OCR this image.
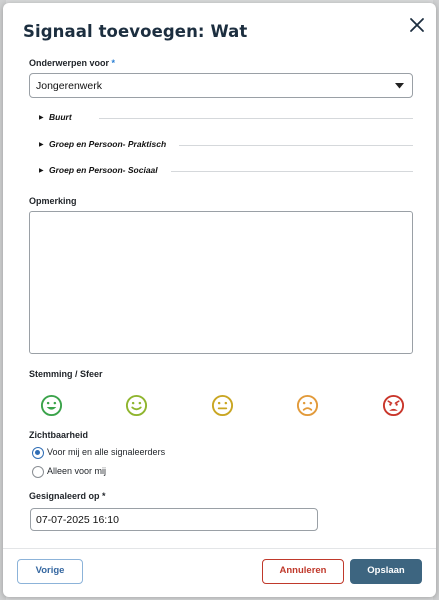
Signaal toevoegen: Wat
Onderwerpen voor *
Jongerenwerk
▶ Buurt
▶ Groep en Persoon- Praktisch
▶ Groep en Persoon- Sociaal
Opmerking
Stemming / Sfeer
Zichtbaarheid
Voor mij en alle signaleerders
Alleen voor mij
Gesignaleerd op *
07-07-2025 16:10
Vorige	Annuleren	Opslaan
